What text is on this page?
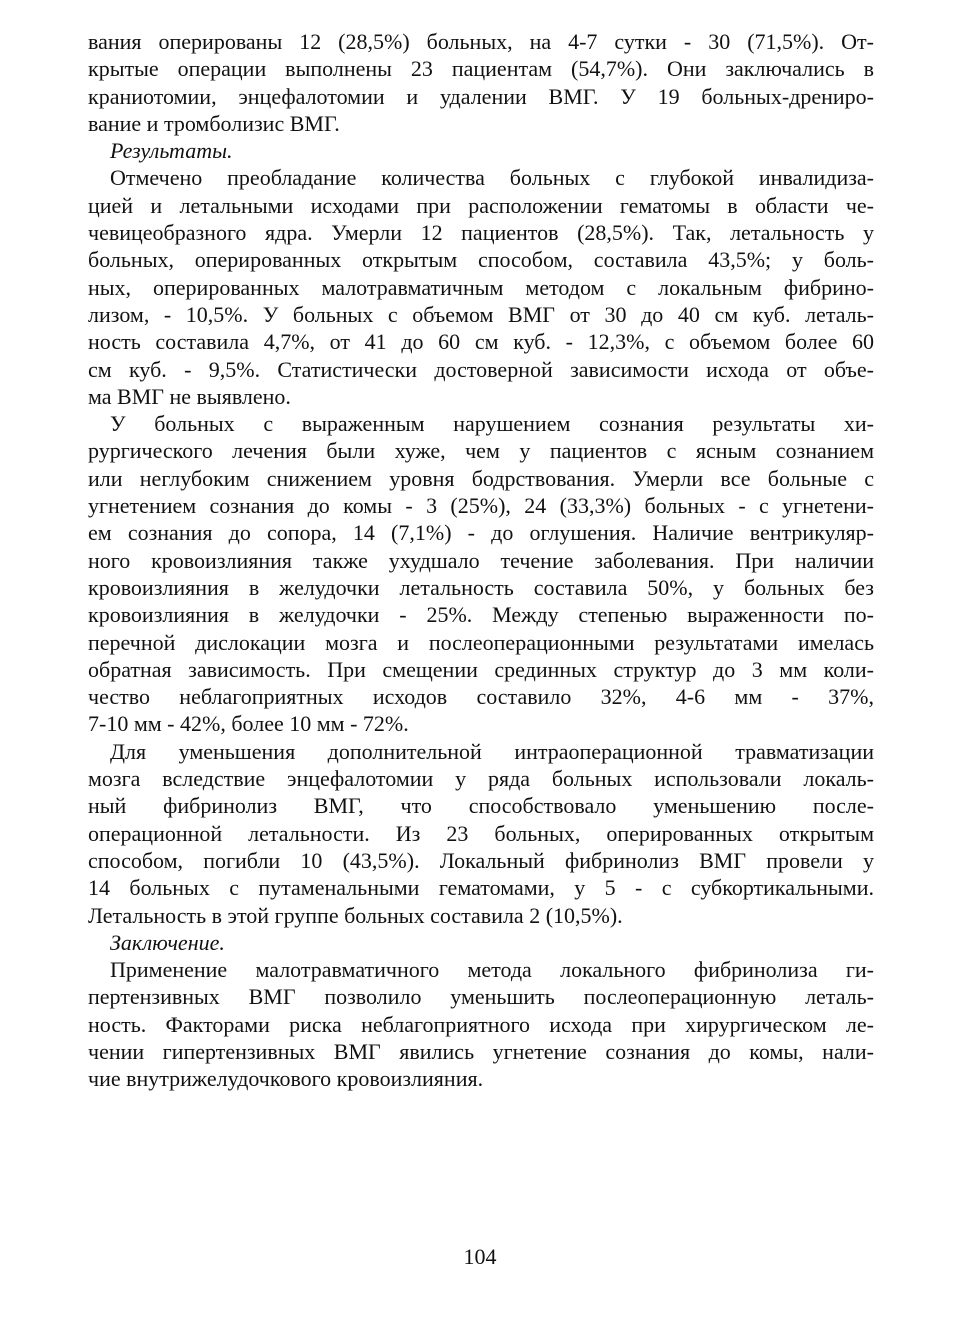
вания оперированы 12 (28,5%) больных, на 4-7 сутки - 30 (71,5%). От-
крытые операции выполнены 23 пациентам (54,7%). Они заключались в
краниотомии, энцефалотомии и удалении ВМГ. У 19 больных-дрениро-
вание и тромболизис ВМГ.
Результаты.
Отмечено преобладание количества больных с глубокой инвалидиза-
цией и летальными исходами при расположении гематомы в области че-
чевицеобразного ядра. Умерли 12 пациентов (28,5%). Так, летальность у
больных, оперированных открытым способом, составила 43,5%; у боль-
ных, оперированных малотравматичным методом с локальным фибрино-
лизом, - 10,5%. У больных с объемом ВМГ от 30 до 40 см куб. леталь-
ность составила 4,7%, от 41 до 60 см куб. - 12,3%, с объемом более 60
см куб. - 9,5%. Статистически достоверной зависимости исхода от объе-
ма ВМГ не выявлено.
У больных с выраженным нарушением сознания результаты хи-
рургического лечения были хуже, чем у пациентов с ясным сознанием
или неглубоким снижением уровня бодрствования. Умерли все больные с
угнетением сознания до комы - 3 (25%), 24 (33,3%) больных - с угнетени-
ем сознания до сопора, 14 (7,1%) - до оглушения. Наличие вентрикуляр-
ного кровоизлияния также ухудшало течение заболевания. При наличии
кровоизлияния в желудочки летальность составила 50%, у больных без
кровоизлияния в желудочки - 25%. Между степенью выраженности по-
перечной дислокации мозга и послеоперационными результатами имелась
обратная зависимость. При смещении срединных структур до 3 мм коли-
чество неблагоприятных исходов составило 32%, 4-6 мм - 37%,
7-10 мм - 42%, более 10 мм - 72%.
Для уменьшения дополнительной интраоперационной травматизации
мозга вследствие энцефалотомии у ряда больных использовали локаль-
ный фибринолиз ВМГ, что способствовало уменьшению после-
операционной летальности. Из 23 больных, оперированных открытым
способом, погибли 10 (43,5%). Локальный фибринолиз ВМГ провели у
14 больных с путаменальными гематомами, у 5 - с субкортикальными.
Летальность в этой группе больных составила 2 (10,5%).
Заключение.
Применение малотравматичного метода локального фибринолиза ги-
пертензивных ВМГ позволило уменьшить послеоперационную леталь-
ность. Факторами риска неблагоприятного исхода при хирургическом ле-
чении гипертензивных ВМГ явились угнетение сознания до комы, нали-
чие внутрижелудочкового кровоизлияния.
104
